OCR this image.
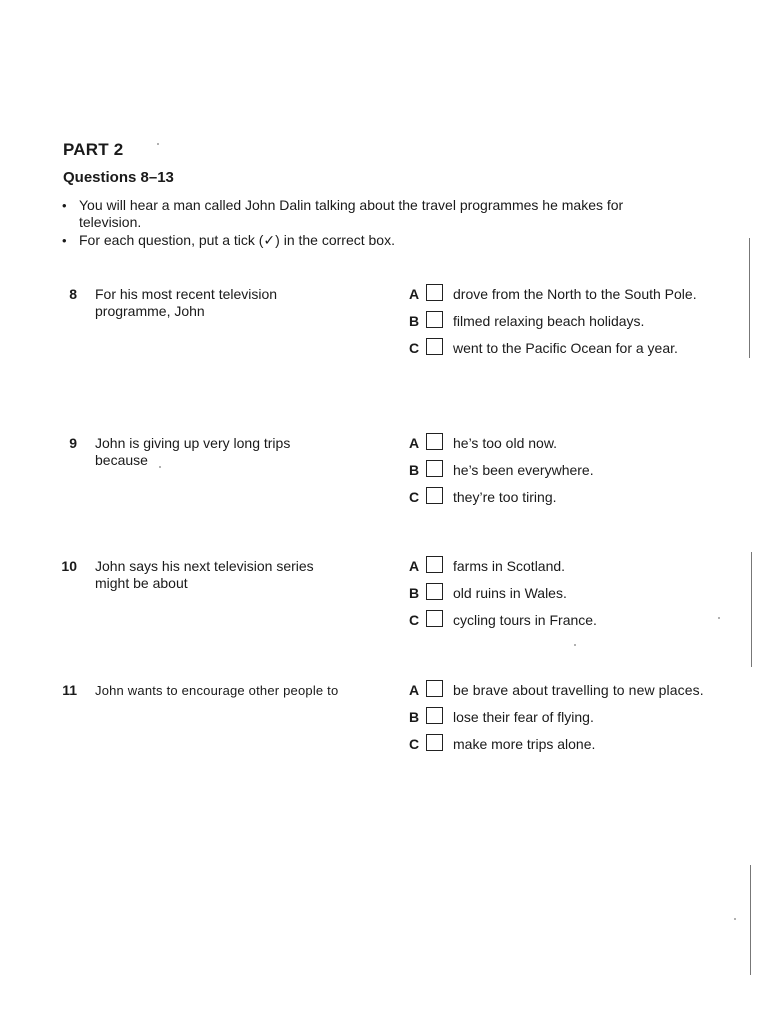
PART 2
Questions 8–13
• You will hear a man called John Dalin talking about the travel programmes he makes for television.
• For each question, put a tick (✓) in the correct box.
8 For his most recent television programme, John
A drove from the North to the South Pole.
B filmed relaxing beach holidays.
C went to the Pacific Ocean for a year.
9 John is giving up very long trips because
A he’s too old now.
B he’s been everywhere.
C they’re too tiring.
10 John says his next television series might be about
A farms in Scotland.
B old ruins in Wales.
C cycling tours in France.
11 John wants to encourage other people to	A be brave about travelling to new places.
B lose their fear of flying.
C make more trips alone.
